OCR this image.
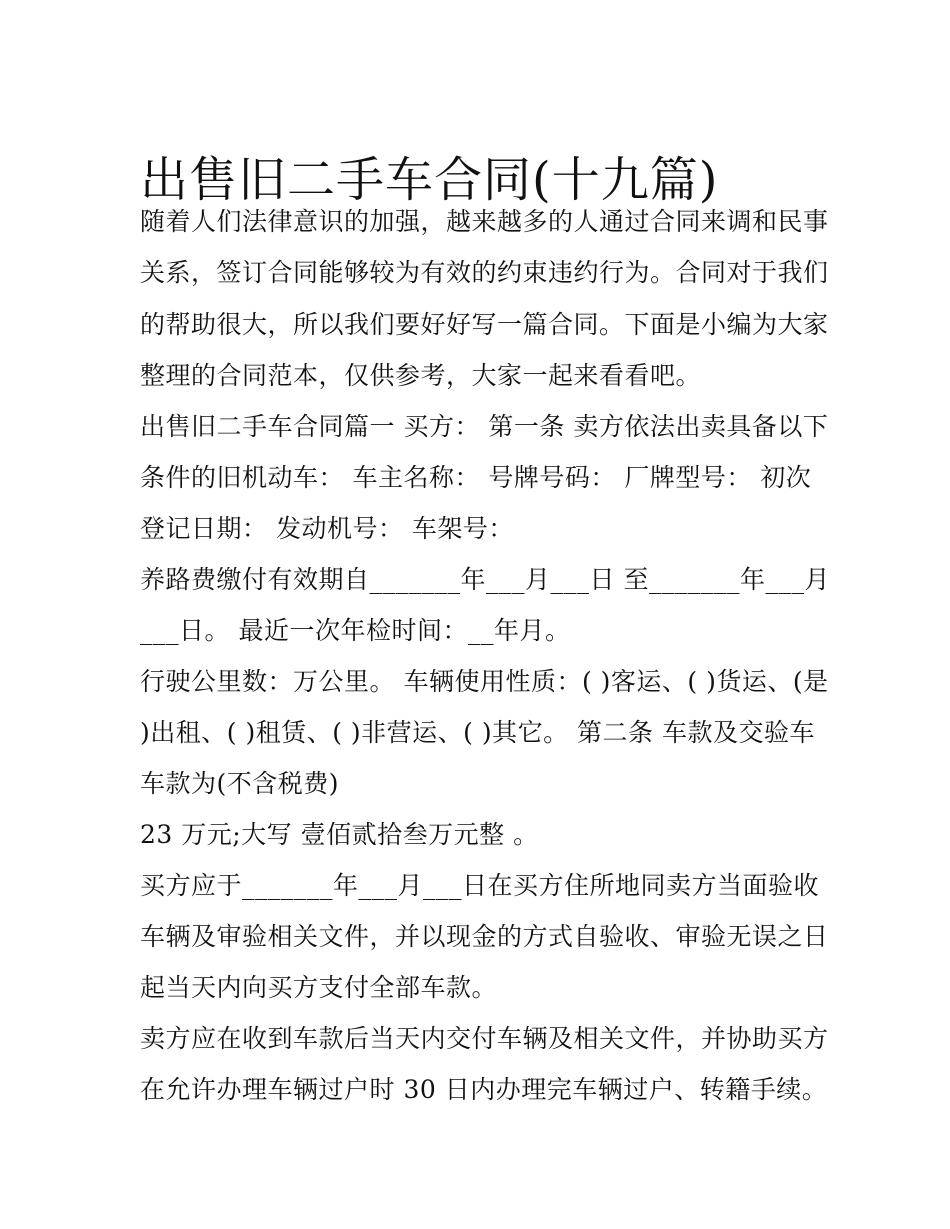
出售旧二手车合同(十九篇)
随着人们法律意识的加强，越来越多的人通过合同来调和民事
关系，签订合同能够较为有效的约束违约行为。合同对于我们
的帮助很大，所以我们要好好写一篇合同。下面是小编为大家
整理的合同范本，仅供参考，大家一起来看看吧。
出售旧二手车合同篇一 买方： 第一条 卖方依法出卖具备以下
条件的旧机动车： 车主名称： 号牌号码： 厂牌型号： 初次
登记日期： 发动机号： 车架号：
养路费缴付有效期自_______年___月___日 至_______年___月
___日。 最近一次年检时间：__年月。
行驶公里数：万公里。 车辆使用性质：( )客运、( )货运、(是
)出租、( )租赁、( )非营运、( )其它。 第二条 车款及交验车
车款为(不含税费)
23 万元;大写 壹佰贰拾叁万元整 。
买方应于_______年___月___日在买方住所地同卖方当面验收
车辆及审验相关文件，并以现金的方式自验收、审验无误之日
起当天内向买方支付全部车款。
卖方应在收到车款后当天内交付车辆及相关文件，并协助买方
在允许办理车辆过户时 30 日内办理完车辆过户、转籍手续。
